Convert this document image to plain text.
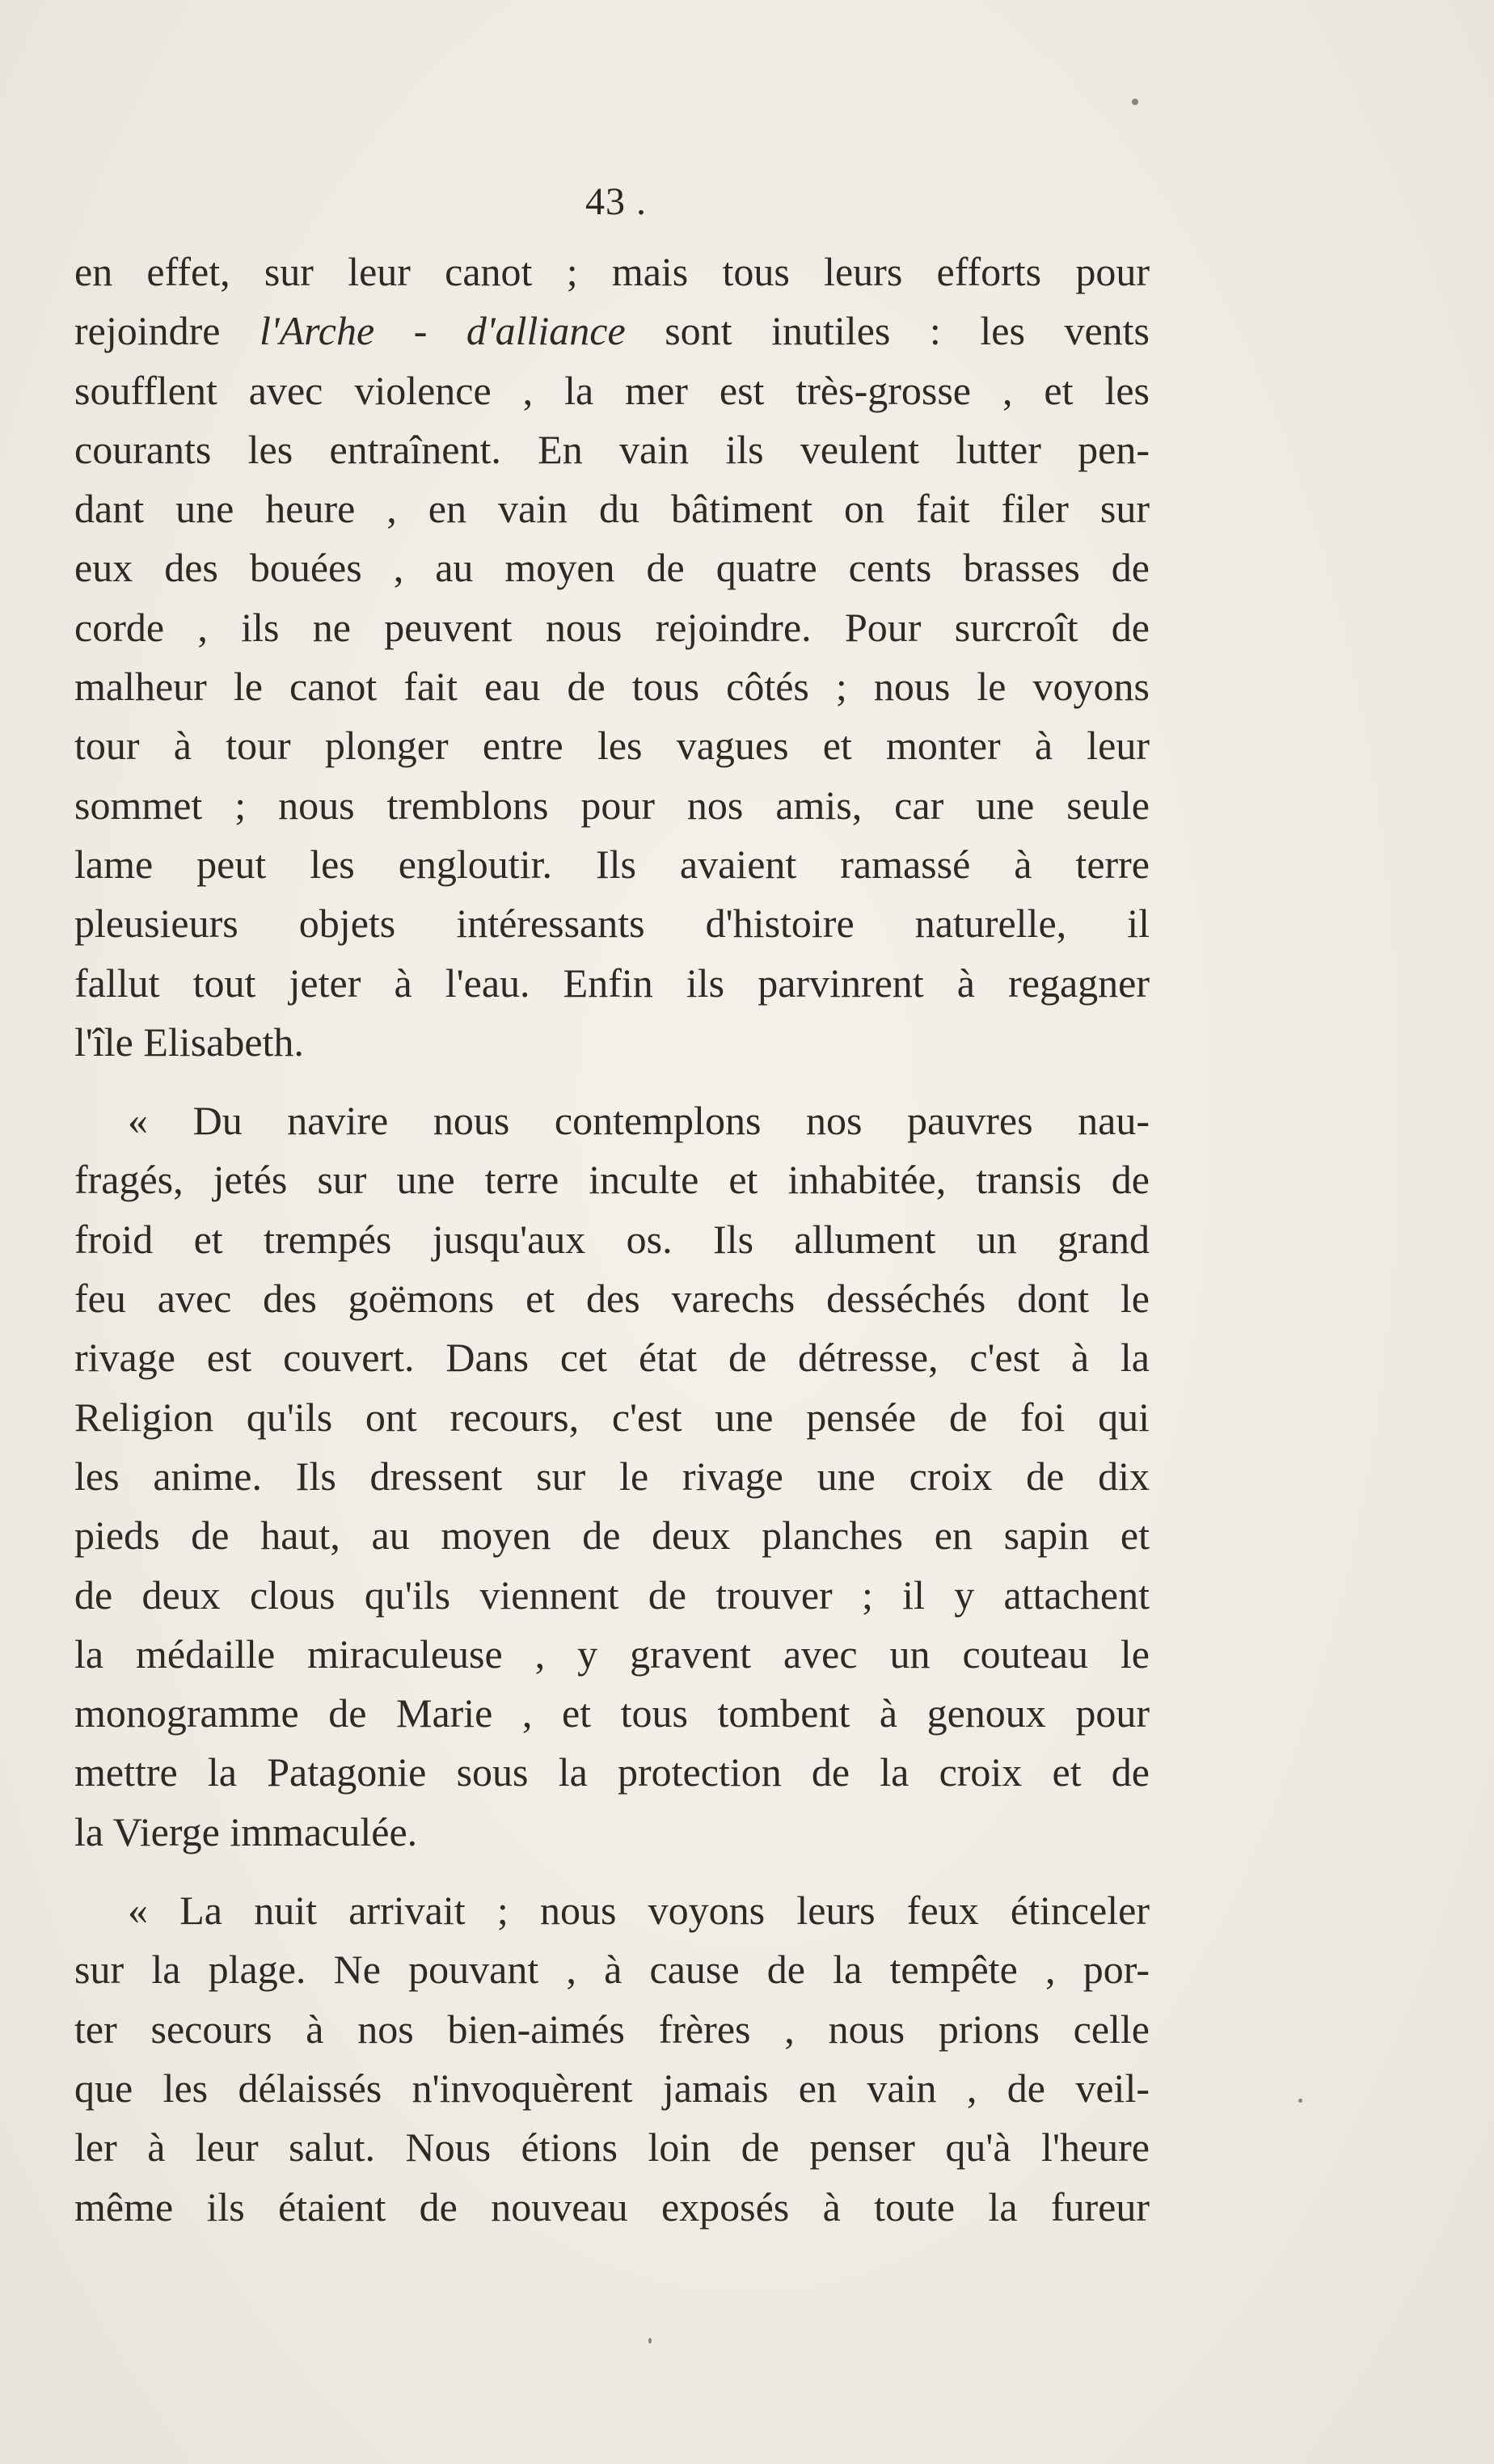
43 .
en effet, sur leur canot ; mais tous leurs efforts pour
rejoindre l'Arche - d'alliance sont inutiles : les vents
soufflent avec violence , la mer est très-grosse , et les
courants les entraînent. En vain ils veulent lutter pen-
dant une heure , en vain du bâtiment on fait filer sur
eux des bouées , au moyen de quatre cents brasses de
corde , ils ne peuvent nous rejoindre. Pour surcroît de
malheur le canot fait eau de tous côtés ; nous le voyons
tour à tour plonger entre les vagues et monter à leur
sommet ; nous tremblons pour nos amis, car une seule
lame peut les engloutir. Ils avaient ramassé à terre
pleusieurs objets intéressants d'histoire naturelle, il
fallut tout jeter à l'eau. Enfin ils parvinrent à regagner
l'île Elisabeth.
« Du navire nous contemplons nos pauvres nau-
fragés, jetés sur une terre inculte et inhabitée, transis de
froid et trempés jusqu'aux os. Ils allument un grand
feu avec des goëmons et des varechs desséchés dont le
rivage est couvert. Dans cet état de détresse, c'est à la
Religion qu'ils ont recours, c'est une pensée de foi qui
les anime. Ils dressent sur le rivage une croix de dix
pieds de haut, au moyen de deux planches en sapin et
de deux clous qu'ils viennent de trouver ; il y attachent
la médaille miraculeuse , y gravent avec un couteau le
monogramme de Marie , et tous tombent à genoux pour
mettre la Patagonie sous la protection de la croix et de
la Vierge immaculée.
« La nuit arrivait ; nous voyons leurs feux étinceler
sur la plage. Ne pouvant , à cause de la tempête , por-
ter secours à nos bien-aimés frères , nous prions celle
que les délaissés n'invoquèrent jamais en vain , de veil-
ler à leur salut. Nous étions loin de penser qu'à l'heure
même ils étaient de nouveau exposés à toute la fureur
